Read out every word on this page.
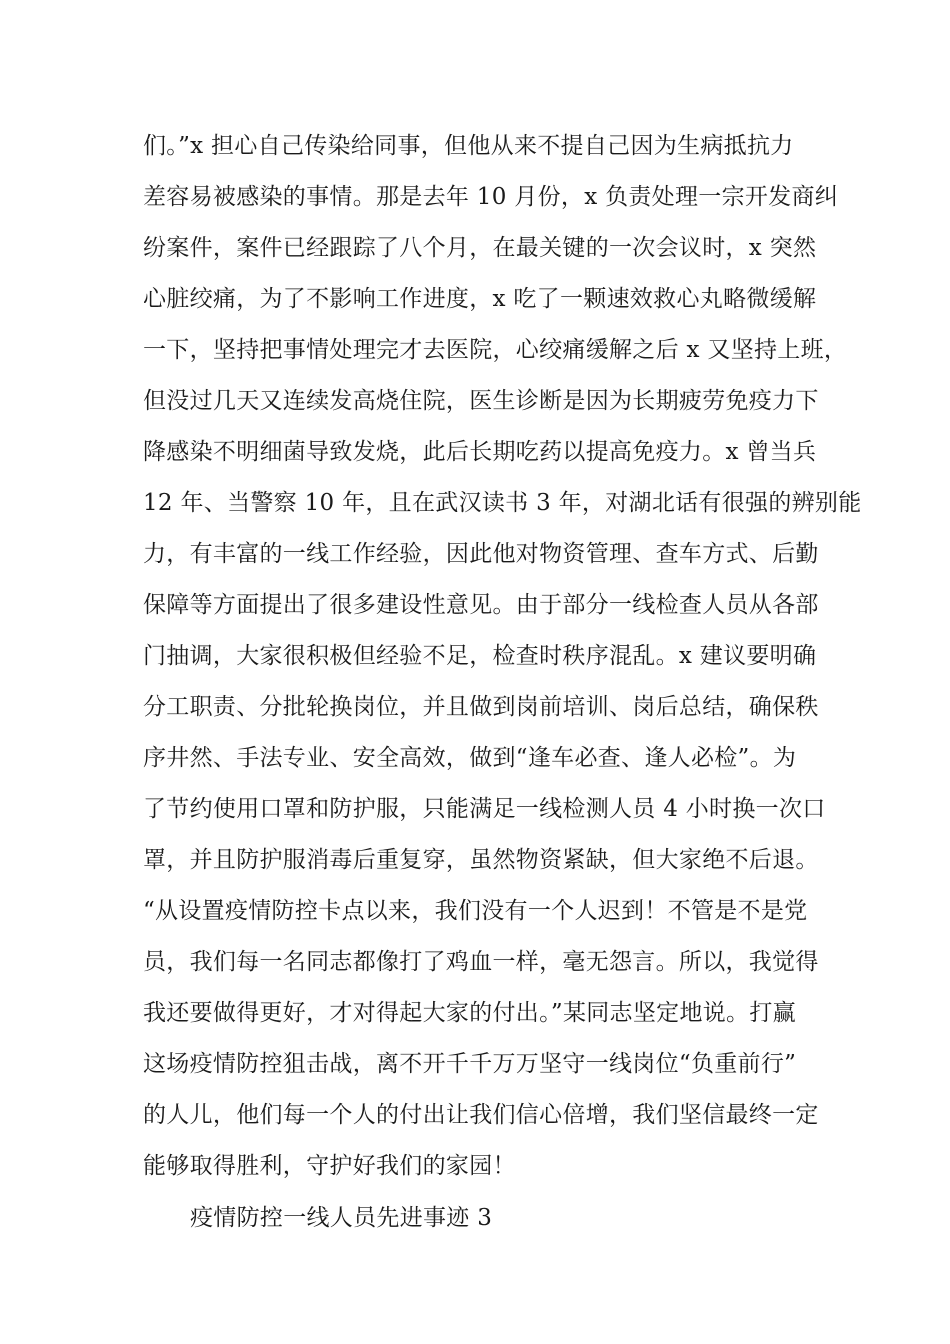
们。”x 担心自己传染给同事，但他从来不提自己因为生病抵抗力
差容易被感染的事情。那是去年 10 月份，x 负责处理一宗开发商纠
纷案件，案件已经跟踪了八个月，在最关键的一次会议时，x 突然
心脏绞痛，为了不影响工作进度，x 吃了一颗速效救心丸略微缓解
一下，坚持把事情处理完才去医院，心绞痛缓解之后 x 又坚持上班，
但没过几天又连续发高烧住院，医生诊断是因为长期疲劳免疫力下
降感染不明细菌导致发烧，此后长期吃药以提高免疫力。x 曾当兵
12 年、当警察 10 年，且在武汉读书 3 年，对湖北话有很强的辨别能
力，有丰富的一线工作经验，因此他对物资管理、查车方式、后勤
保障等方面提出了很多建设性意见。由于部分一线检查人员从各部
门抽调，大家很积极但经验不足，检查时秩序混乱。x 建议要明确
分工职责、分批轮换岗位，并且做到岗前培训、岗后总结，确保秩
序井然、手法专业、安全高效，做到“逢车必查、逢人必检”。为
了节约使用口罩和防护服，只能满足一线检测人员 4 小时换一次口
罩，并且防护服消毒后重复穿，虽然物资紧缺，但大家绝不后退。
“从设置疫情防控卡点以来，我们没有一个人迟到！不管是不是党
员，我们每一名同志都像打了鸡血一样，毫无怨言。所以，我觉得
我还要做得更好，才对得起大家的付出。”某同志坚定地说。打赢
这场疫情防控狙击战，离不开千千万万坚守一线岗位“负重前行”
的人儿，他们每一个人的付出让我们信心倍增，我们坚信最终一定
能够取得胜利，守护好我们的家园！
疫情防控一线人员先进事迹 3
